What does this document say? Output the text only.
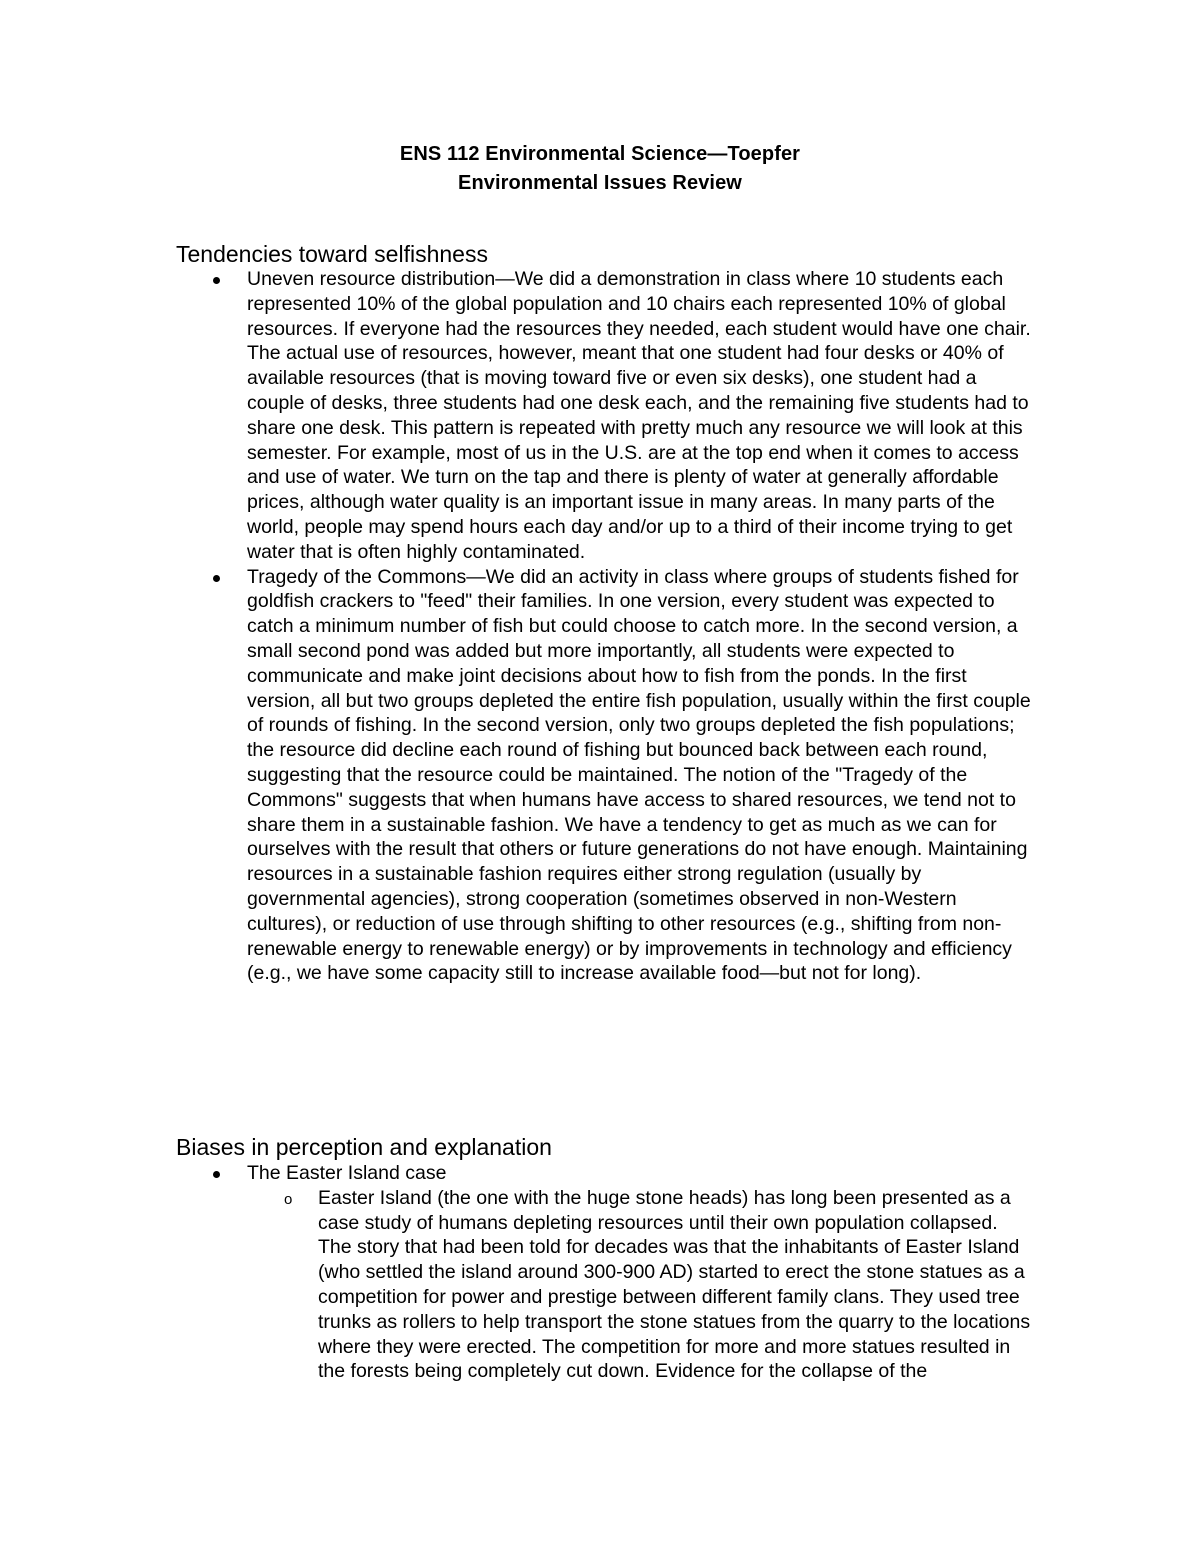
ENS 112 Environmental Science—Toepfer
Environmental Issues Review
Tendencies toward selfishness
Uneven resource distribution—We did a demonstration in class where 10 students each represented 10% of the global population and 10 chairs each represented 10% of global resources. If everyone had the resources they needed, each student would have one chair. The actual use of resources, however, meant that one student had four desks or 40% of available resources (that is moving toward five or even six desks), one student had a couple of desks, three students had one desk each, and the remaining five students had to share one desk. This pattern is repeated with pretty much any resource we will look at this semester. For example, most of us in the U.S. are at the top end when it comes to access and use of water. We turn on the tap and there is plenty of water at generally affordable prices, although water quality is an important issue in many areas. In many parts of the world, people may spend hours each day and/or up to a third of their income trying to get water that is often highly contaminated.
Tragedy of the Commons—We did an activity in class where groups of students fished for goldfish crackers to "feed" their families. In one version, every student was expected to catch a minimum number of fish but could choose to catch more. In the second version, a small second pond was added but more importantly, all students were expected to communicate and make joint decisions about how to fish from the ponds. In the first version, all but two groups depleted the entire fish population, usually within the first couple of rounds of fishing. In the second version, only two groups depleted the fish populations; the resource did decline each round of fishing but bounced back between each round, suggesting that the resource could be maintained. The notion of the "Tragedy of the Commons" suggests that when humans have access to shared resources, we tend not to share them in a sustainable fashion. We have a tendency to get as much as we can for ourselves with the result that others or future generations do not have enough. Maintaining resources in a sustainable fashion requires either strong regulation (usually by governmental agencies), strong cooperation (sometimes observed in non-Western cultures), or reduction of use through shifting to other resources (e.g., shifting from non-renewable energy to renewable energy) or by improvements in technology and efficiency (e.g., we have some capacity still to increase available food—but not for long).
Biases in perception and explanation
The Easter Island case
o Easter Island (the one with the huge stone heads) has long been presented as a case study of humans depleting resources until their own population collapsed. The story that had been told for decades was that the inhabitants of Easter Island (who settled the island around 300-900 AD) started to erect the stone statues as a competition for power and prestige between different family clans. They used tree trunks as rollers to help transport the stone statues from the quarry to the locations where they were erected. The competition for more and more statues resulted in the forests being completely cut down. Evidence for the collapse of the
